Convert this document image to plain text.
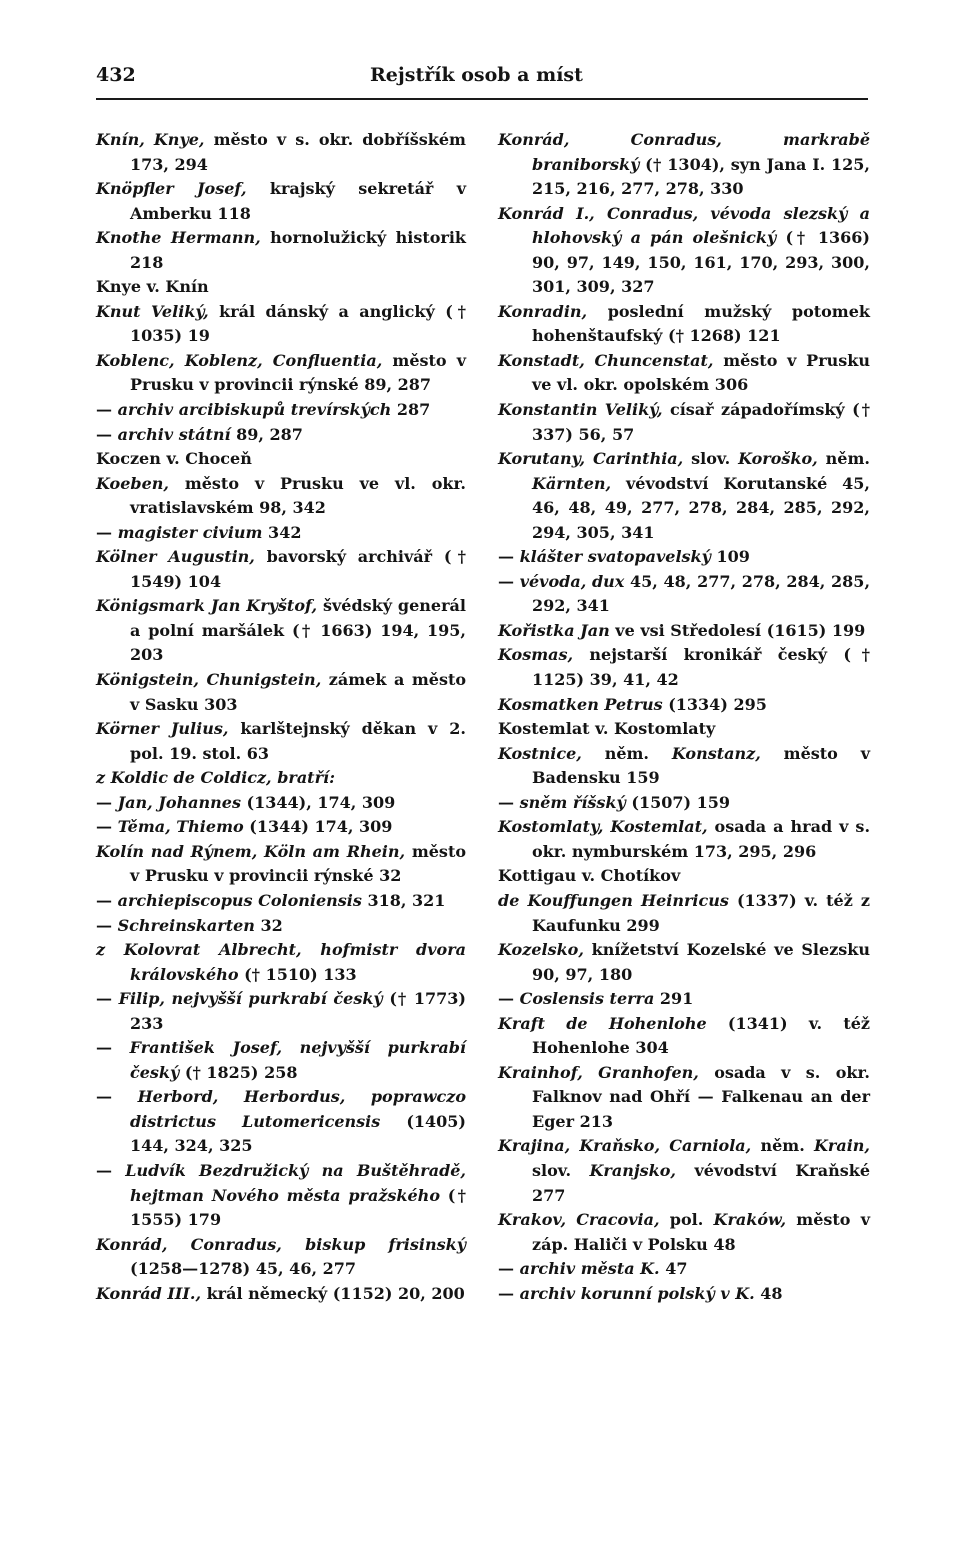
432	Rejstřík osob a míst

Knín, Knye, město v s. okr. dobříšském 173, 294

Knöpfler Josef, krajský sekretář v Amberku 118

Knothe Hermann, hornolužický historik 218

Knye v. Knín

Knut Veliký, král dánský a anglický († 1035) 19

Koblenc, Koblenz, Confluentia, město v Prusku v provincii rýnské 89, 287

— archiv arcibiskupů trevírských 287

— archiv státní 89, 287

Koczen v. Choceň

Koeben, město v Prusku ve vl. okr. vratislavském 98, 342

— magister civium 342

Kölner Augustin, bavorský archivář († 1549) 104

Königsmark Jan Kryštof, švédský generál a polní maršálek († 1663) 194, 195, 203

Königstein, Chunigstein, zámek a město v Sasku 303

Körner Julius, karlštejnský děkan v 2. pol. 19. stol. 63

z Koldic de Coldicz, bratří:

— Jan, Johannes (1344), 174, 309

— Těma, Thiemo (1344) 174, 309

Kolín nad Rýnem, Köln am Rhein, město v Prusku v provincii rýnské 32

— archiepiscopus Coloniensis 318, 321

— Schreinskarten 32

z Kolovrat Albrecht, hofmistr dvora královského († 1510) 133

— Filip, nejvyšší purkrabí český († 1773) 233

— František Josef, nejvyšší purkrabí český († 1825) 258

— Herbord, Herbordus, poprawczo districtus Lutomericensis (1405) 144, 324, 325

— Ludvík Bezdružický na Buštěhradě, hejtman Nového města pražského († 1555) 179

Konrád, Conradus, biskup frisinský (1258—1278) 45, 46, 277

Konrád III., král německý (1152) 20, 200

Konrád, Conradus, markrabě braniborský († 1304), syn Jana I. 125, 215, 216, 277, 278, 330

Konrád I., Conradus, vévoda slezský a hlohovský a pán olešnický († 1366) 90, 97, 149, 150, 161, 170, 293, 300, 301, 309, 327

Konradin, poslední mužský potomek hohenštaufský († 1268) 121

Konstadt, Chuncenstat, město v Prusku ve vl. okr. opolském 306

Konstantin Veliký, císař západořímský († 337) 56, 57

Korutany, Carinthia, slov. Koroško, něm. Kärnten, vévodství Korutanské 45, 46, 48, 49, 277, 278, 284, 285, 292, 294, 305, 341

— klášter svatopavelský 109

— vévoda, dux 45, 48, 277, 278, 284, 285, 292, 341

Kořistka Jan ve vsi Středolesí (1615) 199

Kosmas, nejstarší kronikář český († 1125) 39, 41, 42

Kosmatken Petrus (1334) 295

Kostemlat v. Kostomlaty

Kostnice, něm. Konstanz, město v Badensku 159

— sněm říšský (1507) 159

Kostomlaty, Kostemlat, osada a hrad v s. okr. nymburském 173, 295, 296

Kottigau v. Chotíkov

de Kouffungen Heinricus (1337) v. též z Kaufunku 299

Kozelsko, knížetství Kozelské ve Slezsku 90, 97, 180

— Coslensis terra 291

Kraft de Hohenlohe (1341) v. též Hohenlohe 304

Krainhof, Granhofen, osada v s. okr. Falknov nad Ohří — Falkenau an der Eger 213

Krajina, Kraňsko, Carniola, něm. Krain, slov. Kranjsko, vévodství Kraňské 277

Krakov, Cracovia, pol. Kraków, město v záp. Haliči v Polsku 48

— archiv města K. 47

— archiv korunní polský v K. 48
